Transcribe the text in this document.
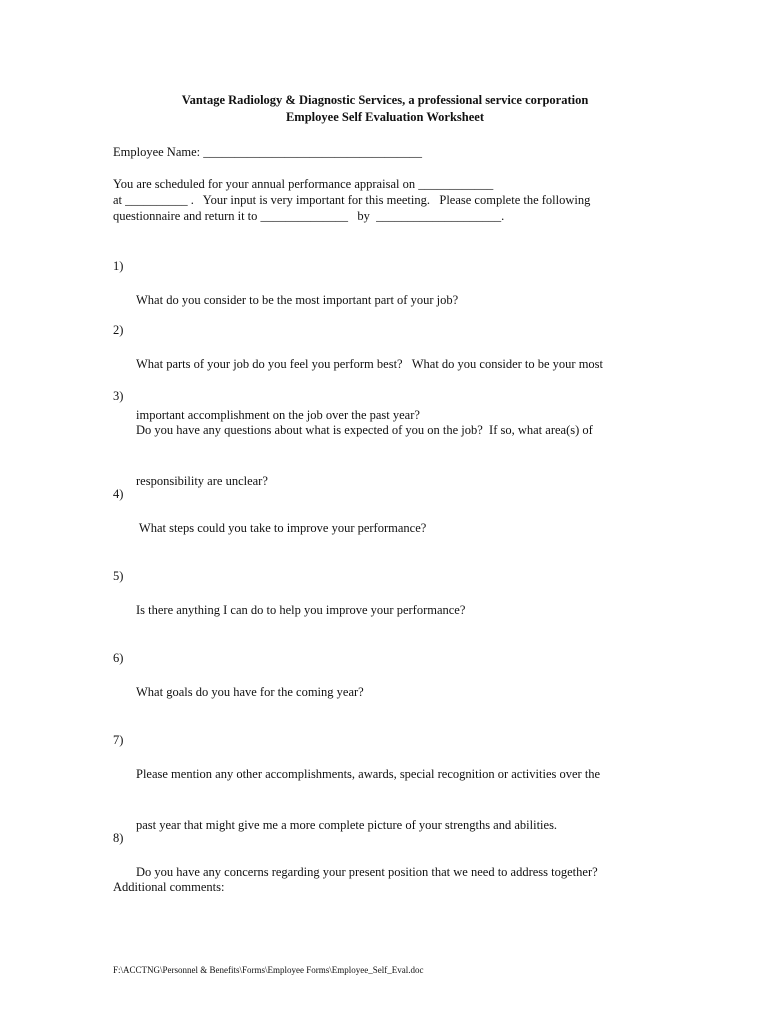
Vantage Radiology & Diagnostic Services, a professional service corporation
Employee Self Evaluation Worksheet
Employee Name: ___________________________________
You are scheduled for your annual performance appraisal on ____________
at __________ .   Your input is very important for this meeting.   Please complete the following
questionnaire and return it to ______________   by  ____________________.
1)

What do you consider to be the most important part of your job?

2)

What parts of your job do you feel you perform best?   What do you consider to be your most

important accomplishment on the job over the past year?

3)

Do you have any questions about what is expected of you on the job?  If so, what area(s) of

responsibility are unclear?

4)

What steps could you take to improve your performance?

5)

Is there anything I can do to help you improve your performance?

6)

What goals do you have for the coming year?

7)

Please mention any other accomplishments, awards, special recognition or activities over the

past year that might give me a more complete picture of your strengths and abilities.

8)

Do you have any concerns regarding your present position that we need to address together?

Additional comments:
F:\ACCTNG\Personnel & Benefits\Forms\Employee Forms\Employee_Self_Eval.doc
